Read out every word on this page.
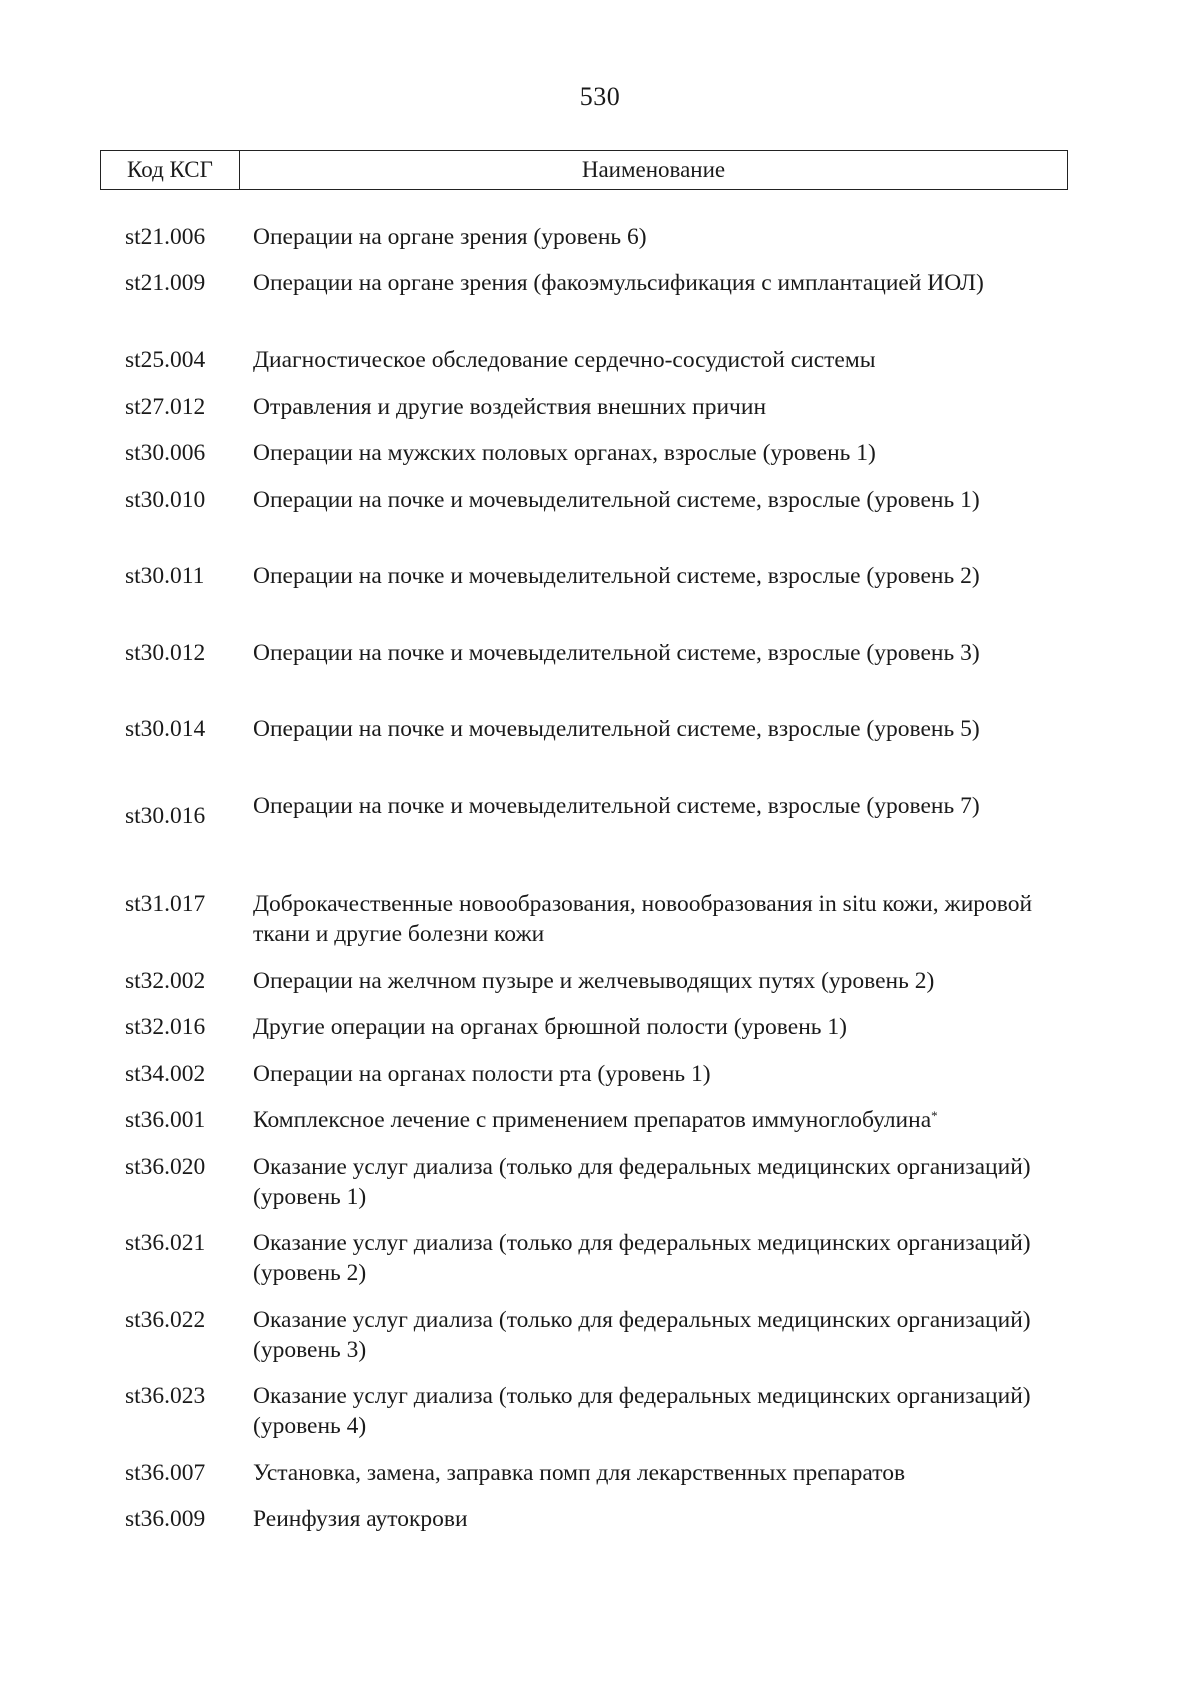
530
Код КСГ	Наименование
st21.006	Операции на органе зрения (уровень 6)
st21.009	Операции на органе зрения (факоэмульсификация с имплантацией ИОЛ)
st25.004	Диагностическое обследование сердечно-сосудистой системы
st27.012	Отравления и другие воздействия внешних причин
st30.006	Операции на мужских половых органах, взрослые (уровень 1)
st30.010	Операции на почке и мочевыделительной системе, взрослые (уровень 1)
st30.011	Операции на почке и мочевыделительной системе, взрослые (уровень 2)
st30.012	Операции на почке и мочевыделительной системе, взрослые (уровень 3)
st30.014	Операции на почке и мочевыделительной системе, взрослые (уровень 5)
st30.016	Операции на почке и мочевыделительной системе, взрослые (уровень 7)
st31.017	Доброкачественные новообразования, новообразования in situ кожи, жировой ткани и другие болезни кожи
st32.002	Операции на желчном пузыре и желчевыводящих путях (уровень 2)
st32.016	Другие операции на органах брюшной полости (уровень 1)
st34.002	Операции на органах полости рта (уровень 1)
st36.001	Комплексное лечение с применением препаратов иммуноглобулина*
st36.020	Оказание услуг диализа (только для федеральных медицинских организаций) (уровень 1)
st36.021	Оказание услуг диализа (только для федеральных медицинских организаций) (уровень 2)
st36.022	Оказание услуг диализа (только для федеральных медицинских организаций) (уровень 3)
st36.023	Оказание услуг диализа (только для федеральных медицинских организаций) (уровень 4)
st36.007	Установка, замена, заправка помп для лекарственных препаратов
st36.009	Реинфузия аутокрови
